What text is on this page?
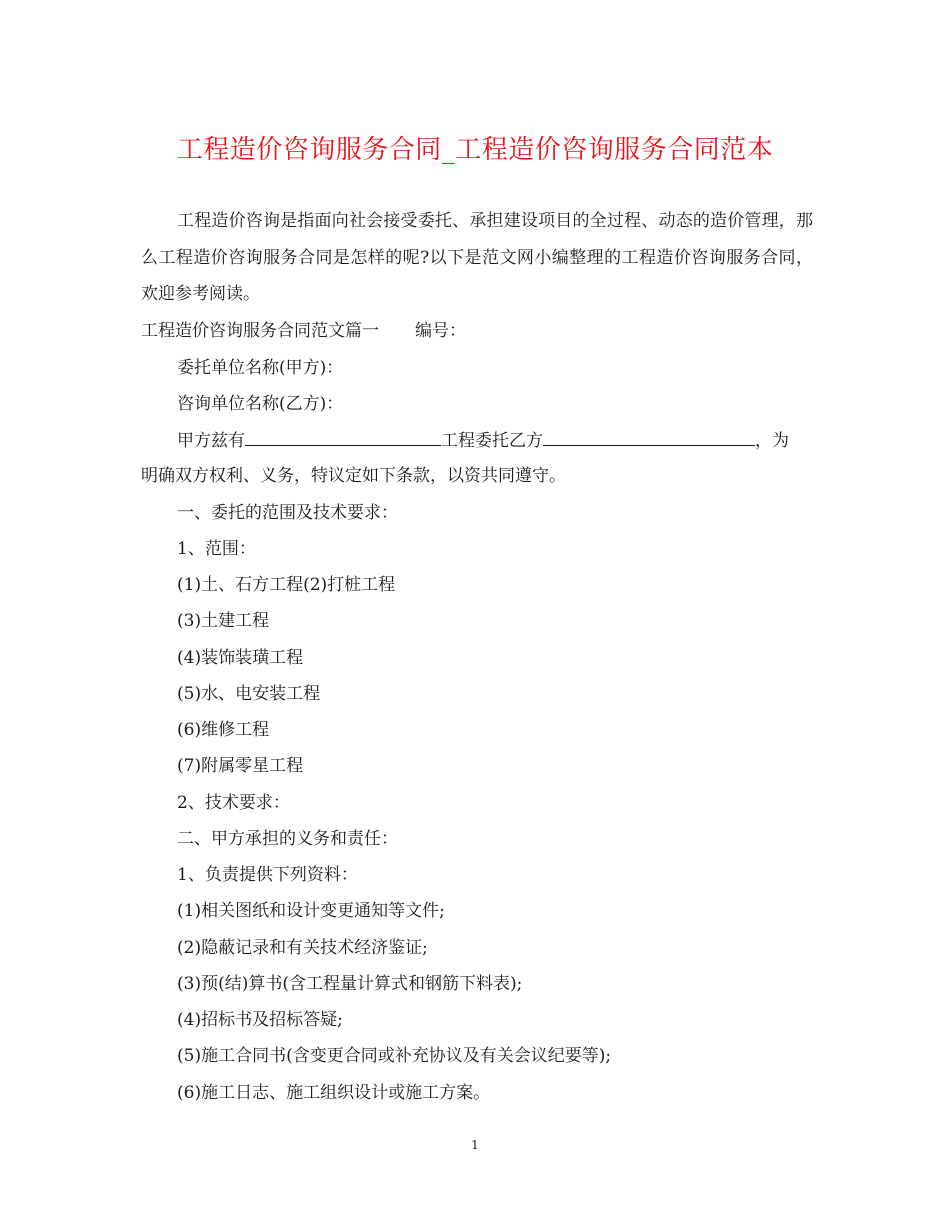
工程造价咨询服务合同_工程造价咨询服务合同范本

工程造价咨询是指面向社会接受委托、承担建设项目的全过程、动态的造价管理，那么工程造价咨询服务合同是怎样的呢?以下是范文网小编整理的工程造价咨询服务合同，欢迎参考阅读。

工程造价咨询服务合同范文篇一 编号：
委托单位名称(甲方)：
咨询单位名称(乙方)：
甲方兹有	工程委托乙方	，为
明确双方权利、义务，特议定如下条款，以资共同遵守。
一、委托的范围及技术要求：
1、范围：
(1)土、石方工程(2)打桩工程
(3)土建工程
(4)装饰装璜工程
(5)水、电安装工程
(6)维修工程
(7)附属零星工程
2、技术要求：
二、甲方承担的义务和责任：
1、负责提供下列资料：
(1)相关图纸和设计变更通知等文件;
(2)隐蔽记录和有关技术经济鉴证;
(3)预(结)算书(含工程量计算式和钢筋下料表);
(4)招标书及招标答疑;
(5)施工合同书(含变更合同或补充协议及有关会议纪要等);
(6)施工日志、施工组织设计或施工方案。
1
